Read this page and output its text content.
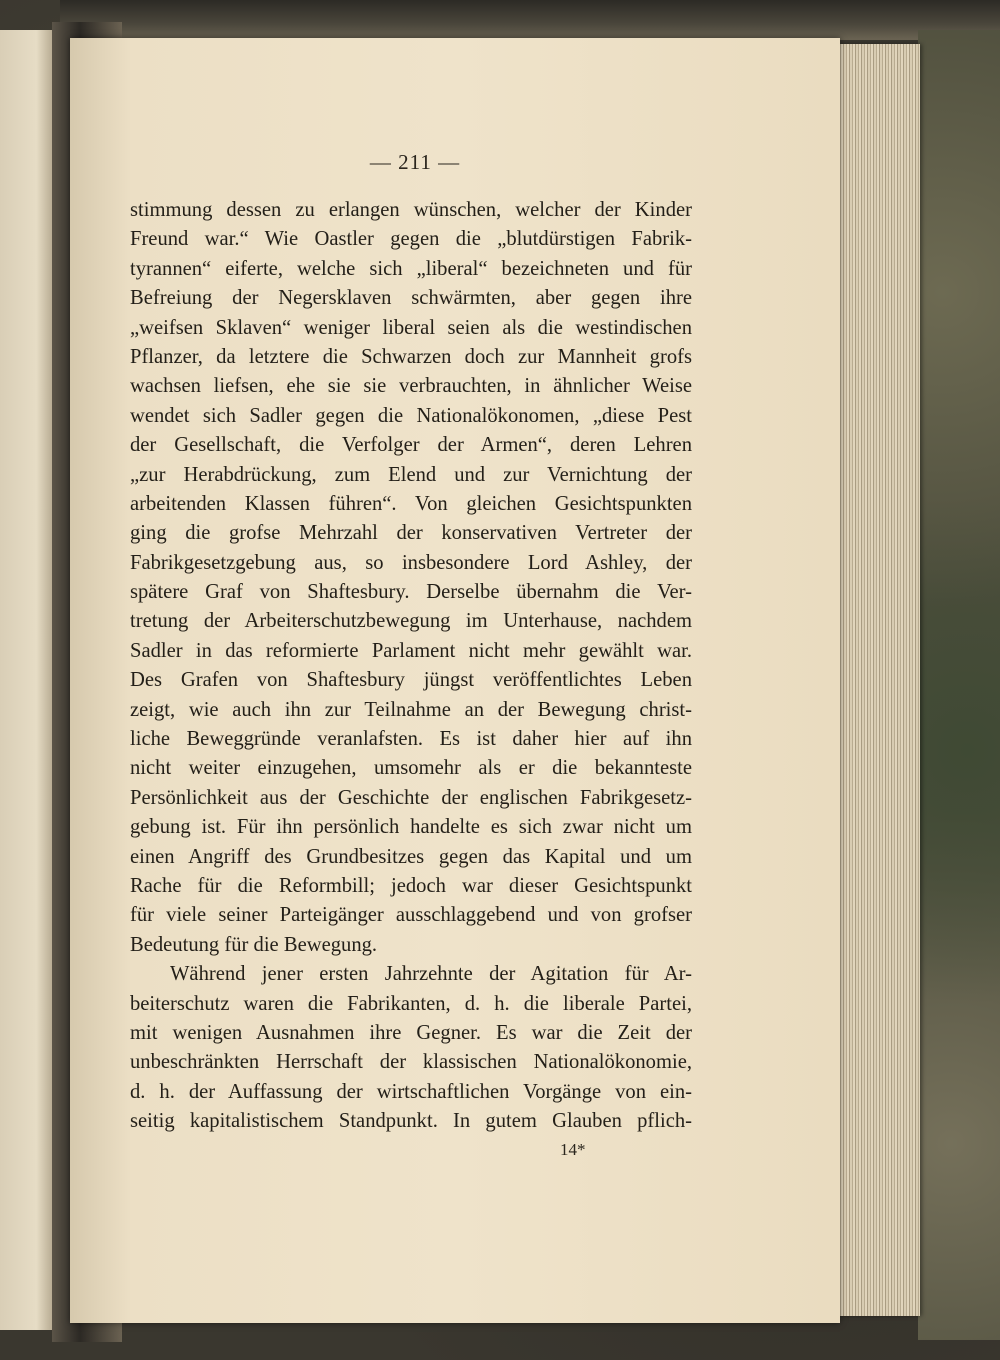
— 211 —
stimmung dessen zu erlangen wünschen, welcher der Kinder
Freund war.“ Wie Oastler gegen die „blutdürstigen Fabrik-
tyrannen“ eiferte, welche sich „liberal“ bezeichneten und für
Befreiung der Negersklaven schwärmten, aber gegen ihre
„weifsen Sklaven“ weniger liberal seien als die westindischen
Pflanzer, da letztere die Schwarzen doch zur Mannheit grofs
wachsen liefsen, ehe sie sie verbrauchten, in ähnlicher Weise
wendet sich Sadler gegen die Nationalökonomen, „diese Pest
der Gesellschaft, die Verfolger der Armen“, deren Lehren
„zur Herabdrückung, zum Elend und zur Vernichtung der
arbeitenden Klassen führen“. Von gleichen Gesichtspunkten
ging die grofse Mehrzahl der konservativen Vertreter der
Fabrikgesetzgebung aus, so insbesondere Lord Ashley, der
spätere Graf von Shaftesbury. Derselbe übernahm die Ver-
tretung der Arbeiterschutzbewegung im Unterhause, nachdem
Sadler in das reformierte Parlament nicht mehr gewählt war.
Des Grafen von Shaftesbury jüngst veröffentlichtes Leben
zeigt, wie auch ihn zur Teilnahme an der Bewegung christ-
liche Beweggründe veranlafsten. Es ist daher hier auf ihn
nicht weiter einzugehen, umsomehr als er die bekannteste
Persönlichkeit aus der Geschichte der englischen Fabrikgesetz-
gebung ist. Für ihn persönlich handelte es sich zwar nicht um
einen Angriff des Grundbesitzes gegen das Kapital und um
Rache für die Reformbill; jedoch war dieser Gesichtspunkt
für viele seiner Parteigänger ausschlaggebend und von grofser
Bedeutung für die Bewegung.
Während jener ersten Jahrzehnte der Agitation für Ar-
beiterschutz waren die Fabrikanten, d. h. die liberale Partei,
mit wenigen Ausnahmen ihre Gegner. Es war die Zeit der
unbeschränkten Herrschaft der klassischen Nationalökonomie,
d. h. der Auffassung der wirtschaftlichen Vorgänge von ein-
seitig kapitalistischem Standpunkt. In gutem Glauben pflich-
14*
